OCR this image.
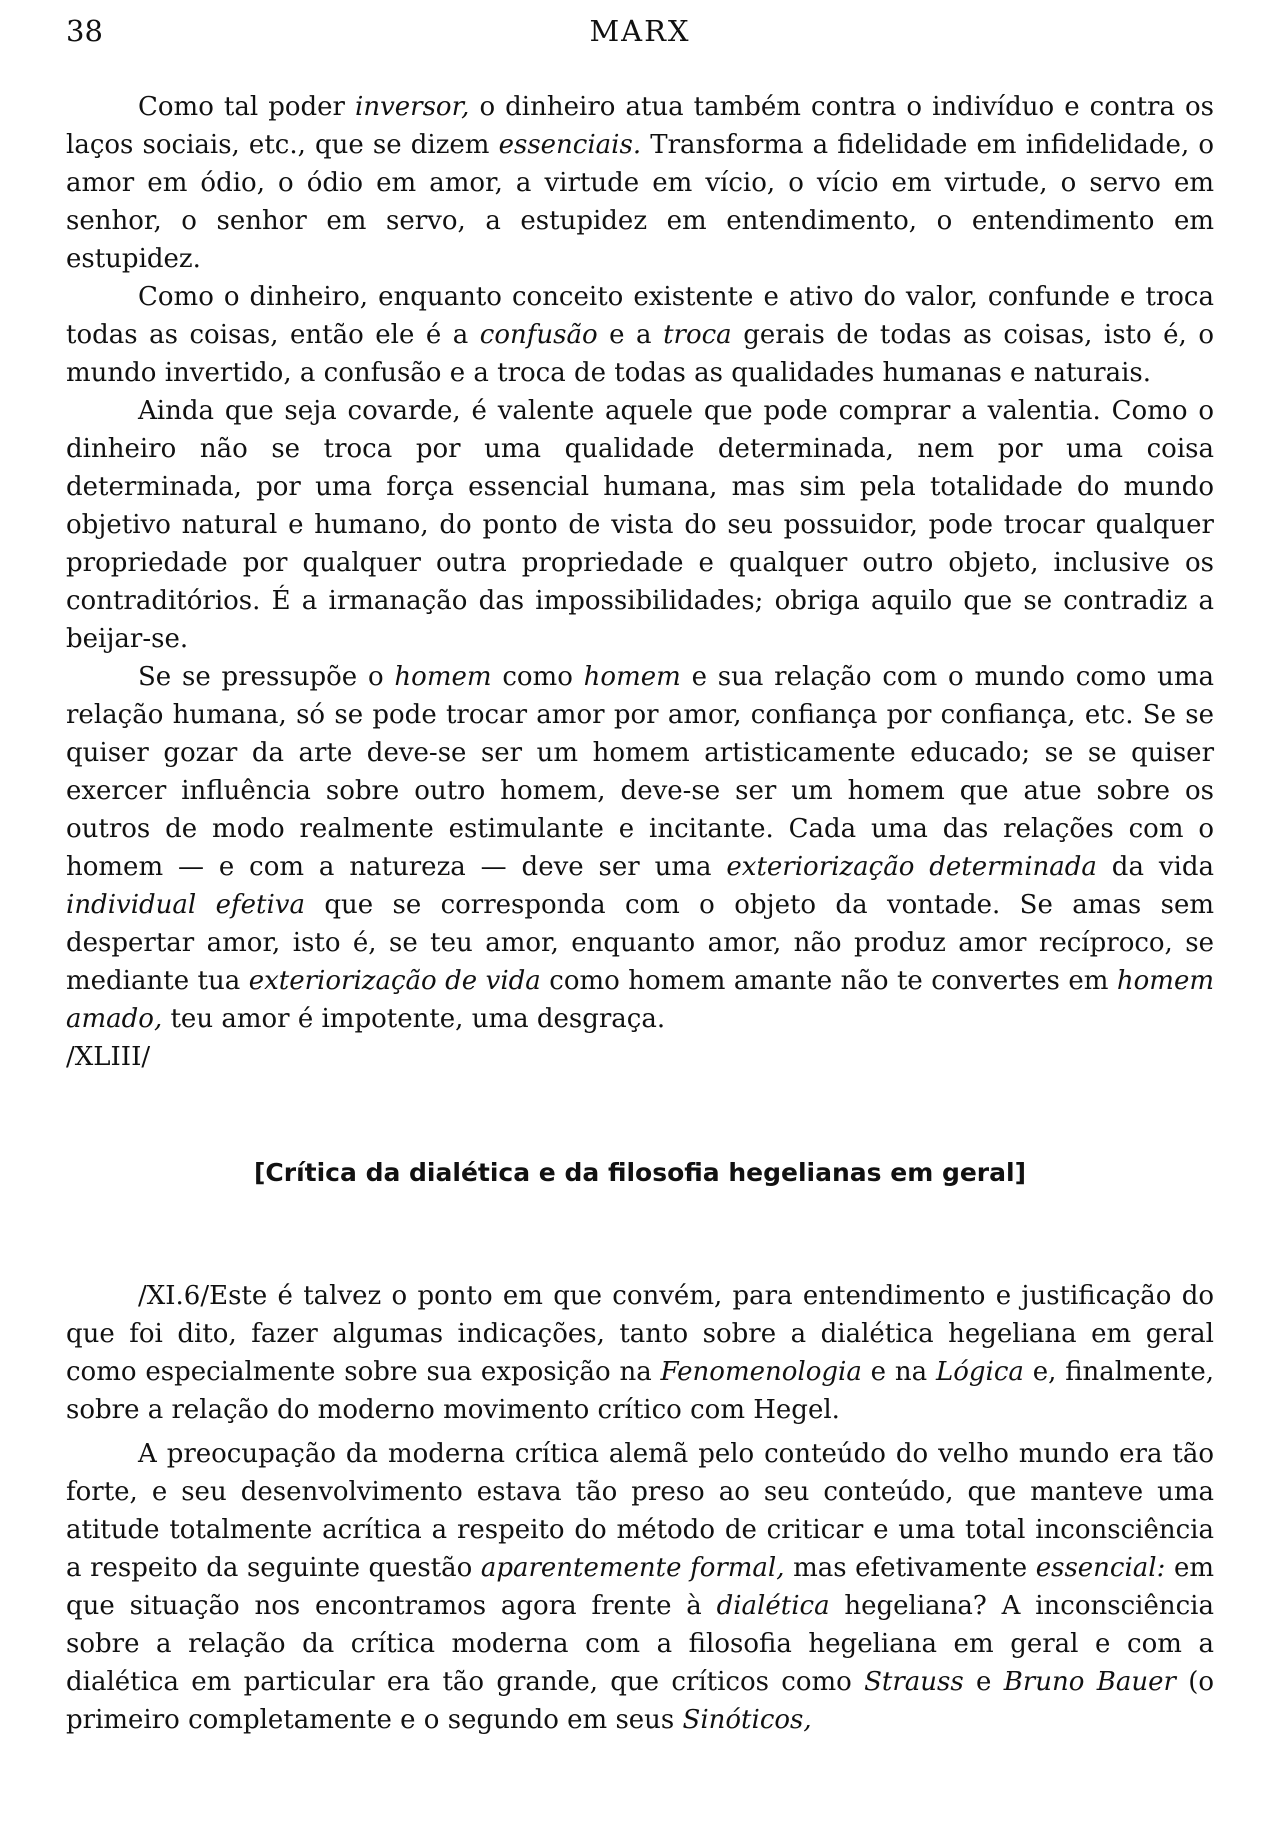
38	MARX

Como tal poder inversor, o dinheiro atua também contra o indivíduo e contra os laços sociais, etc., que se dizem essenciais. Transforma a fidelidade em infidelidade, o amor em ódio, o ódio em amor, a virtude em vício, o vício em virtude, o servo em senhor, o senhor em servo, a estupidez em entendimento, o entendimento em estupidez.

Como o dinheiro, enquanto conceito existente e ativo do valor, confunde e troca todas as coisas, então ele é a confusão e a troca gerais de todas as coisas, isto é, o mundo invertido, a confusão e a troca de todas as qualidades humanas e naturais.

Ainda que seja covarde, é valente aquele que pode comprar a valentia. Como o dinheiro não se troca por uma qualidade determinada, nem por uma coisa determinada, por uma força essencial humana, mas sim pela totalidade do mundo objetivo natural e humano, do ponto de vista do seu possuidor, pode trocar qualquer propriedade por qualquer outra propriedade e qualquer outro objeto, inclusive os contraditórios. É a irmanação das impossibilidades; obriga aquilo que se contradiz a beijar-se.

Se se pressupõe o homem como homem e sua relação com o mundo como uma relação humana, só se pode trocar amor por amor, confiança por confiança, etc. Se se quiser gozar da arte deve-se ser um homem artisticamente educado; se se quiser exercer influência sobre outro homem, deve-se ser um homem que atue sobre os outros de modo realmente estimulante e incitante. Cada uma das relações com o homem — e com a natureza — deve ser uma exteriorização determinada da vida individual efetiva que se corresponda com o objeto da vontade. Se amas sem despertar amor, isto é, se teu amor, enquanto amor, não produz amor recíproco, se mediante tua exteriorização de vida como homem amante não te convertes em homem amado, teu amor é impotente, uma desgraça.

/XLIII/

[Crítica da dialética e da filosofia hegelianas em geral]

/XI.6/Este é talvez o ponto em que convém, para entendimento e justificação do que foi dito, fazer algumas indicações, tanto sobre a dialética hegeliana em geral como especialmente sobre sua exposição na Fenomenologia e na Lógica e, finalmente, sobre a relação do moderno movimento crítico com Hegel.

A preocupação da moderna crítica alemã pelo conteúdo do velho mundo era tão forte, e seu desenvolvimento estava tão preso ao seu conteúdo, que manteve uma atitude totalmente acrítica a respeito do método de criticar e uma total inconsciência a respeito da seguinte questão aparentemente formal, mas efetivamente essencial: em que situação nos encontramos agora frente à dialética hegeliana? A inconsciência sobre a relação da crítica moderna com a filosofia hegeliana em geral e com a dialética em particular era tão grande, que críticos como Strauss e Bruno Bauer (o primeiro completamente e o segundo em seus Sinóticos,
